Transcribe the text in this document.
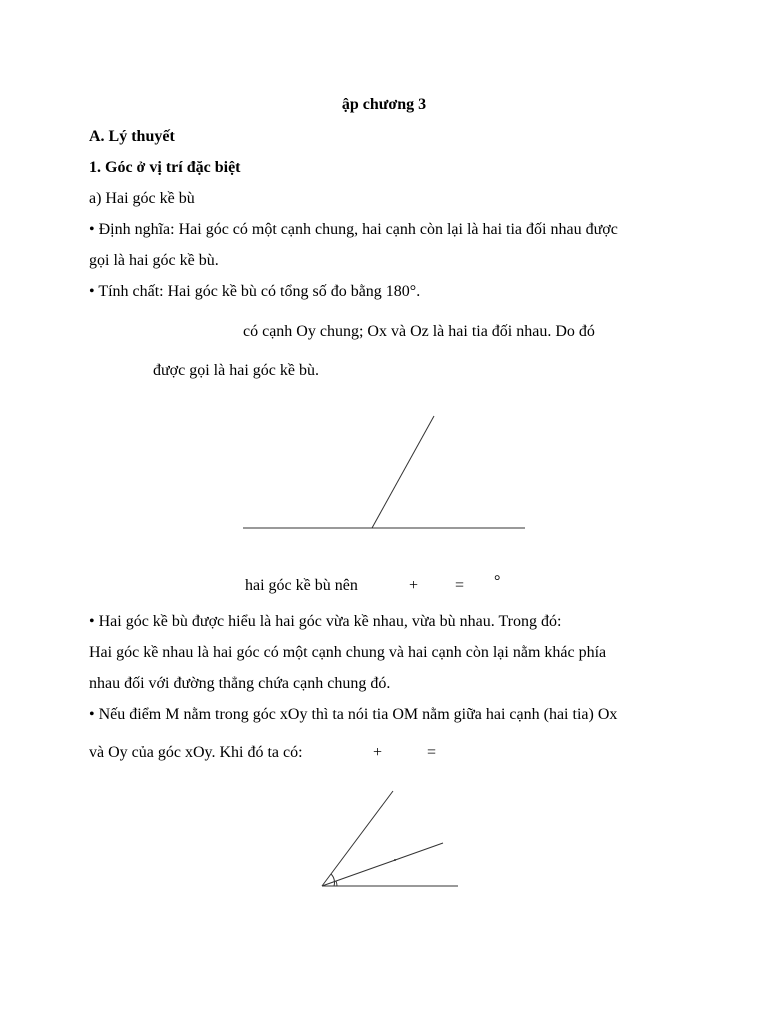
ập chương 3
A. Lý thuyết
1. Góc ở vị trí đặc biệt
a) Hai góc kề bù
• Định nghĩa: Hai góc có một cạnh chung, hai cạnh còn lại là hai tia đối nhau được
gọi là hai góc kề bù.
• Tính chất: Hai góc kề bù có tổng số đo bằng 180°.
có cạnh Oy chung; Ox và Oz là hai tia đối nhau. Do đó
được gọi là hai góc kề bù.
hai góc kề bù nên	+ = °
• Hai góc kề bù được hiểu là hai góc vừa kề nhau, vừa bù nhau. Trong đó:
Hai góc kề nhau là hai góc có một cạnh chung và hai cạnh còn lại nằm khác phía
nhau đối với đường thẳng chứa cạnh chung đó.
• Nếu điểm M nằm trong góc xOy thì ta nói tia OM nằm giữa hai cạnh (hai tia) Ox
và Oy của góc xOy. Khi đó ta có:	+	=
